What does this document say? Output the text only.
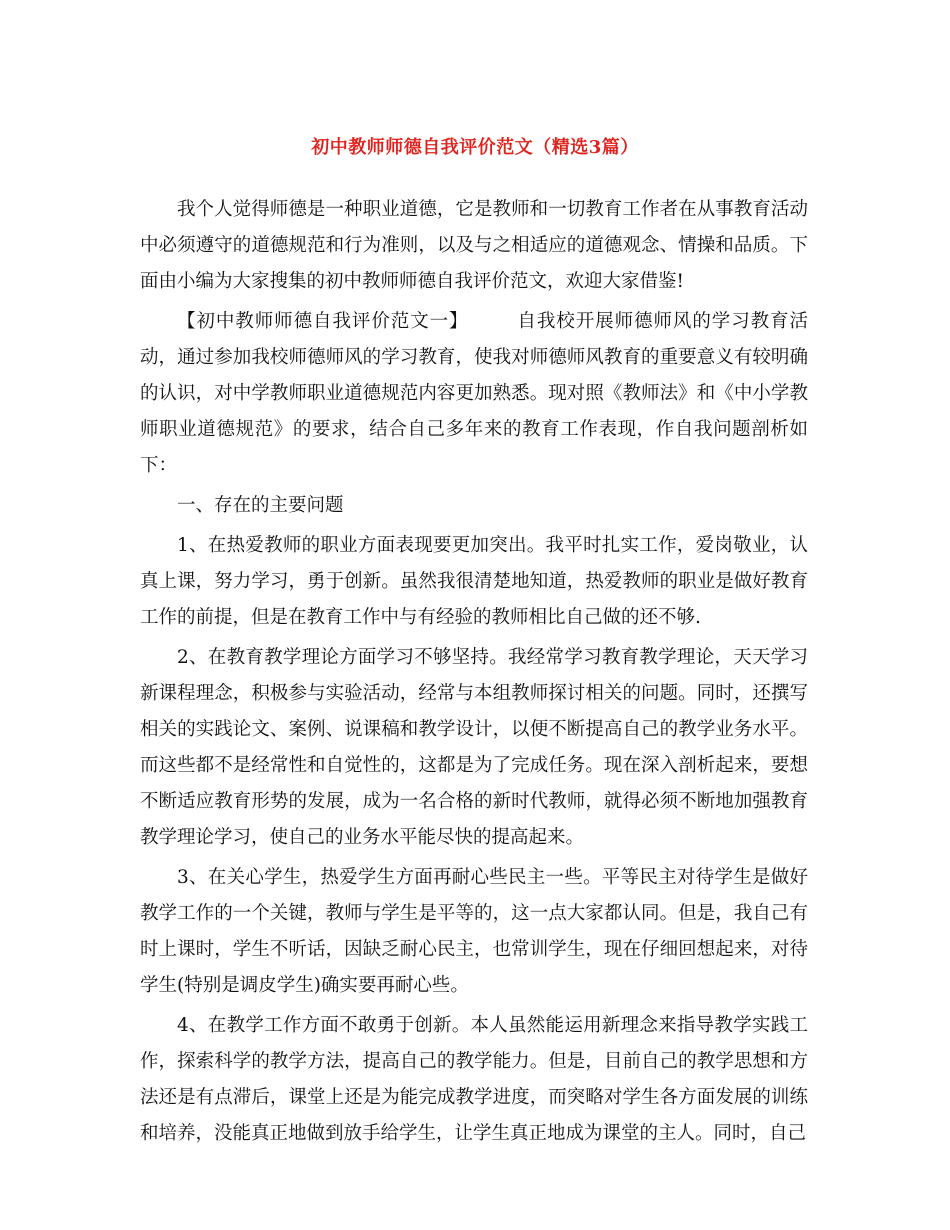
初中教师师德自我评价范文（精选3篇）

我个人觉得师德是一种职业道德，它是教师和一切教育工作者在从事教育活动中必须遵守的道德规范和行为准则，以及与之相适应的道德观念、情操和品质。下面由小编为大家搜集的初中教师师德自我评价范文，欢迎大家借鉴!

【初中教师师德自我评价范文一】	自我校开展师德师风的学习教育活动，通过参加我校师德师风的学习教育，使我对师德师风教育的重要意义有较明确的认识，对中学教师职业道德规范内容更加熟悉。现对照《教师法》和《中小学教师职业道德规范》的要求，结合自己多年来的教育工作表现，作自我问题剖析如下：

一、存在的主要问题

1、在热爱教师的职业方面表现要更加突出。我平时扎实工作，爱岗敬业，认真上课，努力学习，勇于创新。虽然我很清楚地知道，热爱教师的职业是做好教育工作的前提，但是在教育工作中与有经验的教师相比自己做的还不够.

2、在教育教学理论方面学习不够坚持。我经常学习教育教学理论，天天学习新课程理念，积极参与实验活动，经常与本组教师探讨相关的问题。同时，还撰写相关的实践论文、案例、说课稿和教学设计，以便不断提高自己的教学业务水平。而这些都不是经常性和自觉性的，这都是为了完成任务。现在深入剖析起来，要想不断适应教育形势的发展，成为一名合格的新时代教师，就得必须不断地加强教育教学理论学习，使自己的业务水平能尽快的提高起来。

3、在关心学生，热爱学生方面再耐心些民主一些。平等民主对待学生是做好教学工作的一个关键，教师与学生是平等的，这一点大家都认同。但是，我自己有时上课时，学生不听话，因缺乏耐心民主，也常训学生，现在仔细回想起来，对待学生(特别是调皮学生)确实要再耐心些。

4、在教学工作方面不敢勇于创新。本人虽然能运用新理念来指导教学实践工作，探索科学的教学方法，提高自己的教学能力。但是，目前自己的教学思想和方法还是有点滞后，课堂上还是为能完成教学进度，而突略对学生各方面发展的训练和培养，没能真正地做到放手给学生，让学生真正地成为课堂的主人。同时，自己
